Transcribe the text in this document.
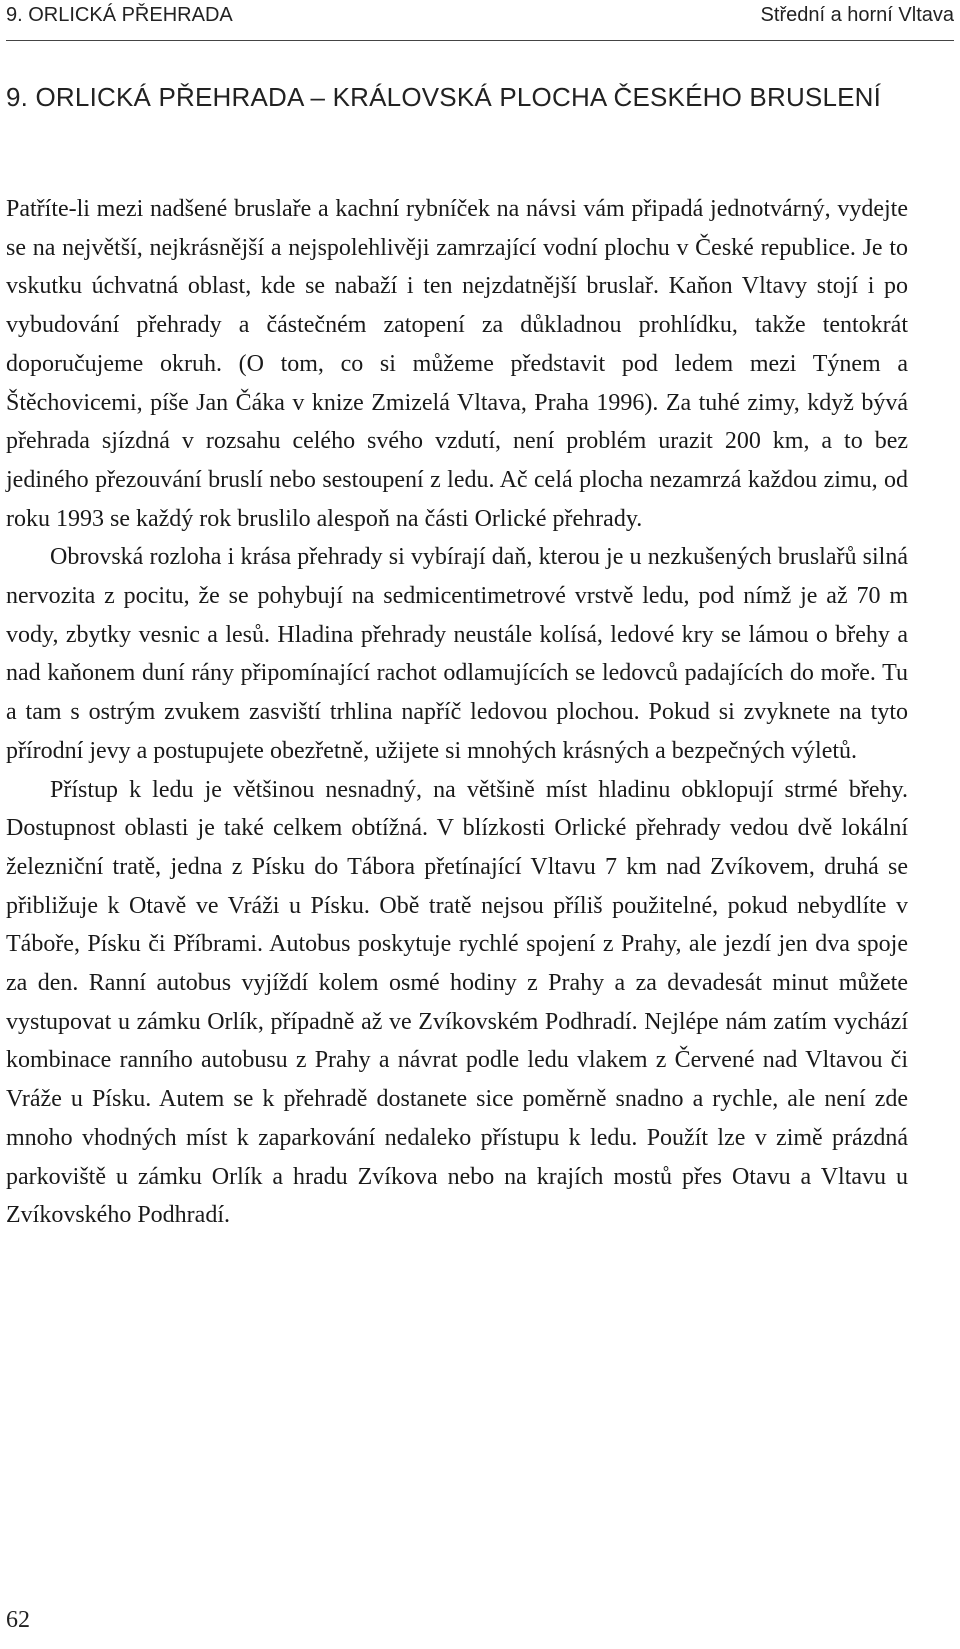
9. ORLICKÁ PŘEHRADA	Střední a horní Vltava
9. ORLICKÁ PŘEHRADA – KRÁLOVSKÁ PLOCHA ČESKÉHO BRUSLENÍ

Patříte-li mezi nadšené bruslaře a kachní rybníček na návsi vám připadá jednotvárný, vydejte se na největší, nejkrásnější a nejspolehlivěji zamrzající vodní plochu v České republice. Je to vskutku úchvatná oblast, kde se nabaží i ten nejzdatnější bruslař. Kaňon Vltavy stojí i po vybudování přehrady a částečném zatopení za důkladnou prohlídku, takže tentokrát doporučujeme okruh. (O tom, co si můžeme představit pod ledem mezi Týnem a Štěchovicemi, píše Jan Čáka v knize Zmizelá Vltava, Praha 1996). Za tuhé zimy, když bývá přehrada sjízdná v rozsahu celého svého vzdutí, není problém urazit 200 km, a to bez jediného přezouvání bruslí nebo sestoupení z ledu. Ač celá plocha nezamrzá každou zimu, od roku 1993 se každý rok bruslilo alespoň na části Orlické přehrady.

Obrovská rozloha i krása přehrady si vybírají daň, kterou je u nezkušených bruslařů silná nervozita z pocitu, že se pohybují na sedmicentimetrové vrstvě ledu, pod nímž je až 70 m vody, zbytky vesnic a lesů. Hladina přehrady neustále kolísá, ledové kry se lámou o břehy a nad kaňonem duní rány připomínající rachot odlamujících se ledovců padajících do moře. Tu a tam s ostrým zvukem zasviští trhlina napříč ledovou plochou. Pokud si zvyknete na tyto přírodní jevy a postupujete obezřetně, užijete si mnohých krásných a bezpečných výletů.

Přístup k ledu je většinou nesnadný, na většině míst hladinu obklopují strmé břehy. Dostupnost oblasti je také celkem obtížná. V blízkosti Orlické přehrady vedou dvě lokální železniční tratě, jedna z Písku do Tábora přetínající Vltavu 7 km nad Zvíkovem, druhá se přibližuje k Otavě ve Vráži u Písku. Obě tratě nejsou příliš použitelné, pokud nebydlíte v Táboře, Písku či Příbrami. Autobus poskytuje rychlé spojení z Prahy, ale jezdí jen dva spoje za den. Ranní autobus vyjíždí kolem osmé hodiny z Prahy a za devadesát minut můžete vystupovat u zámku Orlík, případně až ve Zvíkovském Podhradí. Nejlépe nám zatím vychází kombinace ranního autobusu z Prahy a návrat podle ledu vlakem z Červené nad Vltavou či Vráže u Písku. Autem se k přehradě dostanete sice poměrně snadno a rychle, ale není zde mnoho vhodných míst k zaparkování nedaleko přístupu k ledu. Použít lze v zimě prázdná parkoviště u zámku Orlík a hradu Zvíkova nebo na krajích mostů přes Otavu a Vltavu u Zvíkovského Podhradí.

62
